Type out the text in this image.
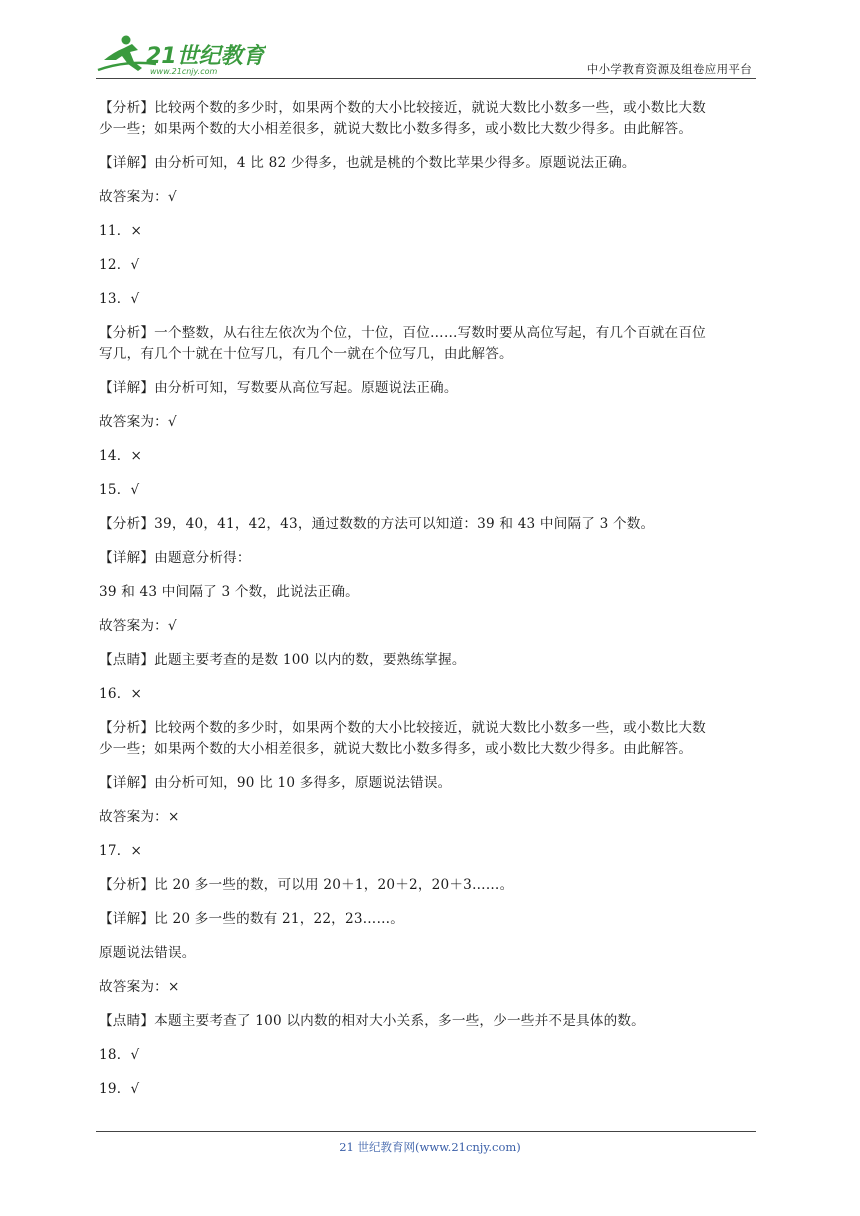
21世纪教育
www.21cnjy.com	中小学教育资源及组卷应用平台
【分析】比较两个数的多少时，如果两个数的大小比较接近，就说大数比小数多一些，或小数比大数
少一些；如果两个数的大小相差很多，就说大数比小数多得多，或小数比大数少得多。由此解答。
【详解】由分析可知，4 比 82 少得多，也就是桃的个数比苹果少得多。原题说法正确。
故答案为：√
11．×
12．√
13．√
【分析】一个整数，从右往左依次为个位，十位，百位……写数时要从高位写起，有几个百就在百位
写几，有几个十就在十位写几，有几个一就在个位写几，由此解答。
【详解】由分析可知，写数要从高位写起。原题说法正确。
故答案为：√
14．×
15．√
【分析】39，40，41，42，43，通过数数的方法可以知道：39 和 43 中间隔了 3 个数。
【详解】由题意分析得：
39 和 43 中间隔了 3 个数，此说法正确。
故答案为：√
【点睛】此题主要考查的是数 100 以内的数，要熟练掌握。
16．×
【分析】比较两个数的多少时，如果两个数的大小比较接近，就说大数比小数多一些，或小数比大数
少一些；如果两个数的大小相差很多，就说大数比小数多得多，或小数比大数少得多。由此解答。
【详解】由分析可知，90 比 10 多得多，原题说法错误。
故答案为：×
17．×
【分析】比 20 多一些的数，可以用 20＋1，20＋2，20＋3……。
【详解】比 20 多一些的数有 21，22，23……。
原题说法错误。
故答案为：×
【点睛】本题主要考查了 100 以内数的相对大小关系，多一些，少一些并不是具体的数。
18．√
19．√
21 世纪教育网(www.21cnjy.com)
